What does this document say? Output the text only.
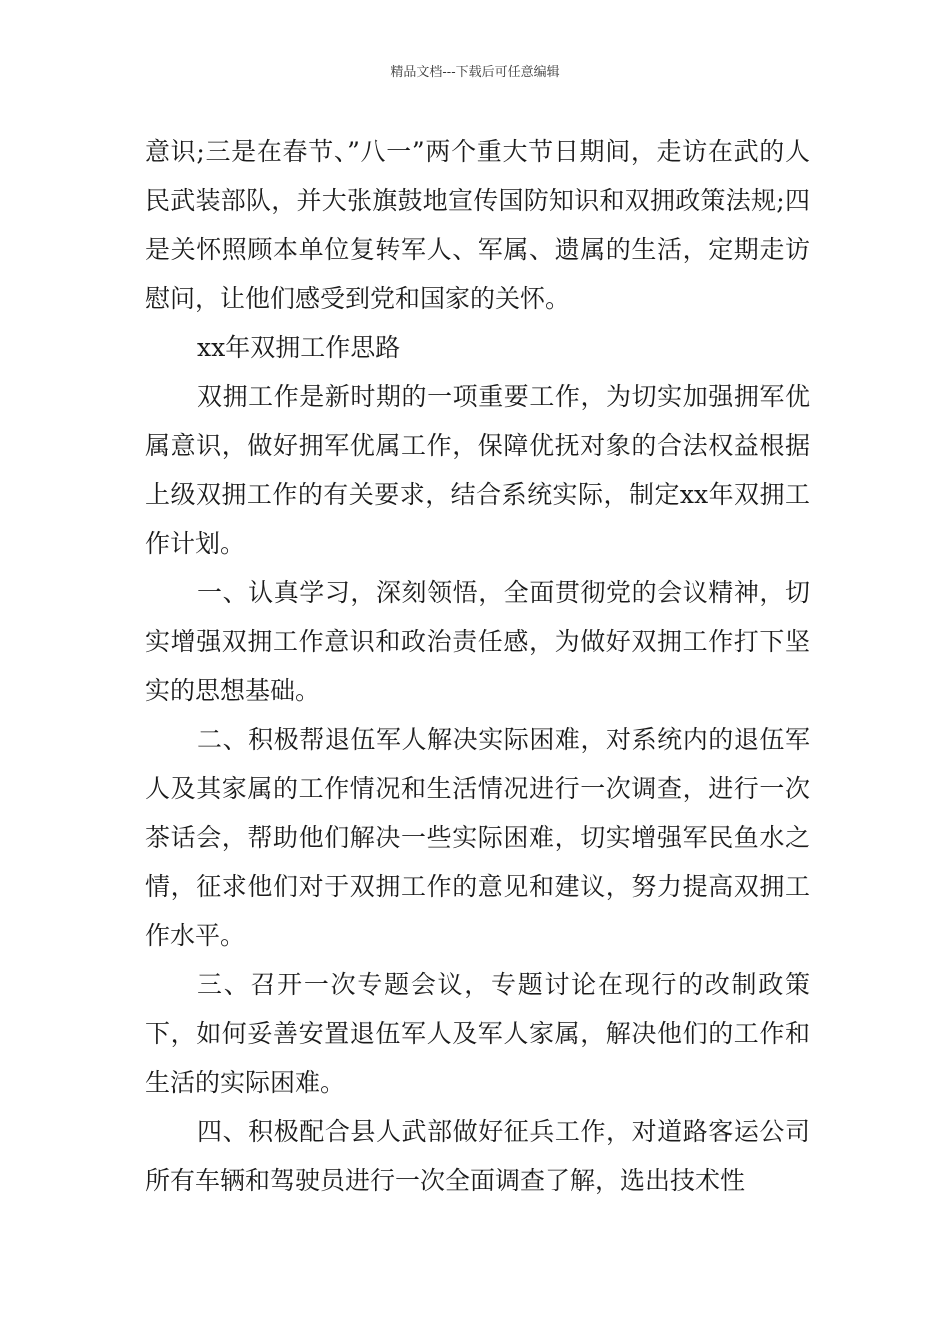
精品文档---下载后可任意编辑

意识;三是在春节、”八一”两个重大节日期间，走访在武的人民武装部队，并大张旗鼓地宣传国防知识和双拥政策法规;四是关怀照顾本单位复转军人、军属、遗属的生活，定期走访慰问，让他们感受到党和国家的关怀。

xx年双拥工作思路

双拥工作是新时期的一项重要工作，为切实加强拥军优属意识，做好拥军优属工作，保障优抚对象的合法权益根据上级双拥工作的有关要求，结合系统实际，制定xx年双拥工作计划。

一、认真学习，深刻领悟，全面贯彻党的会议精神，切实增强双拥工作意识和政治责任感，为做好双拥工作打下坚实的思想基础。

二、积极帮退伍军人解决实际困难，对系统内的退伍军人及其家属的工作情况和生活情况进行一次调查，进行一次茶话会，帮助他们解决一些实际困难，切实增强军民鱼水之情，征求他们对于双拥工作的意见和建议，努力提高双拥工作水平。

三、召开一次专题会议，专题讨论在现行的改制政策下，如何妥善安置退伍军人及军人家属，解决他们的工作和生活的实际困难。

四、积极配合县人武部做好征兵工作，对道路客运公司所有车辆和驾驶员进行一次全面调查了解，选出技术性
